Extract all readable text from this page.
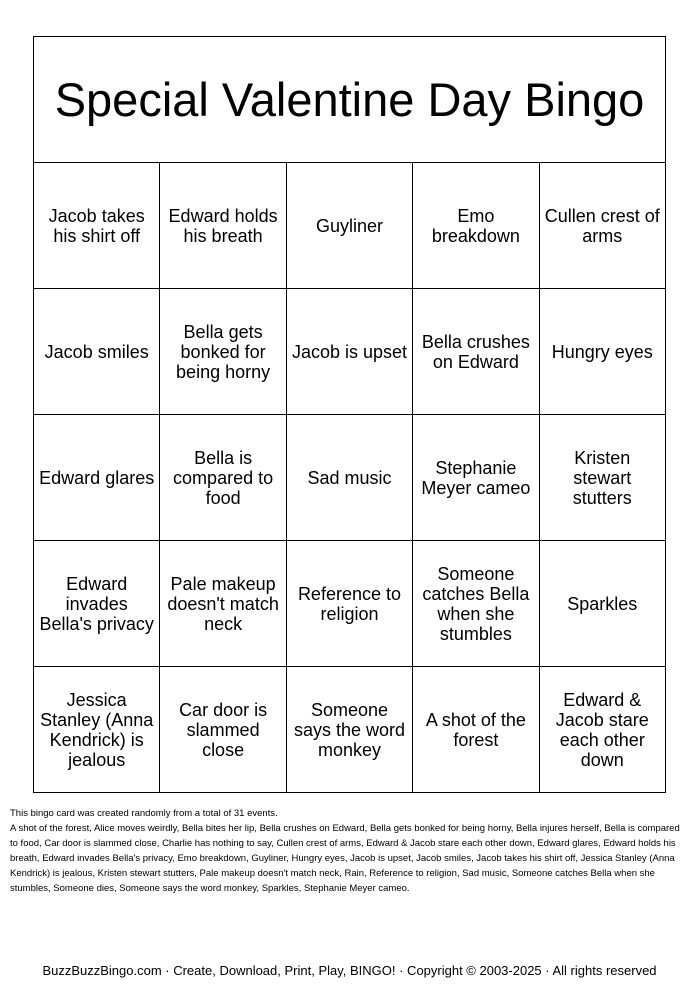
Special Valentine Day Bingo				
Jacob takes his shirt off	Edward holds his breath	Guyliner	Emo breakdown	Cullen crest of arms
Jacob smiles	Bella gets bonked for being horny	Jacob is upset	Bella crushes on Edward	Hungry eyes
Edward glares	Bella is compared to food	Sad music	Stephanie Meyer cameo	Kristen stewart stutters
Edward invades Bella's privacy	Pale makeup doesn't match neck	Reference to religion	Someone catches Bella when she stumbles	Sparkles
Jessica Stanley (Anna Kendrick) is jealous	Car door is slammed close	Someone says the word monkey	A shot of the forest	Edward & Jacob stare each other down

This bingo card was created randomly from a total of 31 events.

A shot of the forest, Alice moves weirdly, Bella bites her lip, Bella crushes on Edward, Bella gets bonked for being horny, Bella injures herself, Bella is compared to food, Car door is slammed close, Charlie has nothing to say, Cullen crest of arms, Edward & Jacob stare each other down, Edward glares, Edward holds his breath, Edward invades Bella's privacy, Emo breakdown, Guyliner, Hungry eyes, Jacob is upset, Jacob smiles, Jacob takes his shirt off, Jessica Stanley (Anna Kendrick) is jealous, Kristen stewart stutters, Pale makeup doesn't match neck, Rain, Reference to religion, Sad music, Someone catches Bella when she stumbles, Someone dies, Someone says the word monkey, Sparkles, Stephanie Meyer cameo.

BuzzBuzzBingo.com · Create, Download, Print, Play, BINGO! · Copyright © 2003-2025 · All rights reserved
